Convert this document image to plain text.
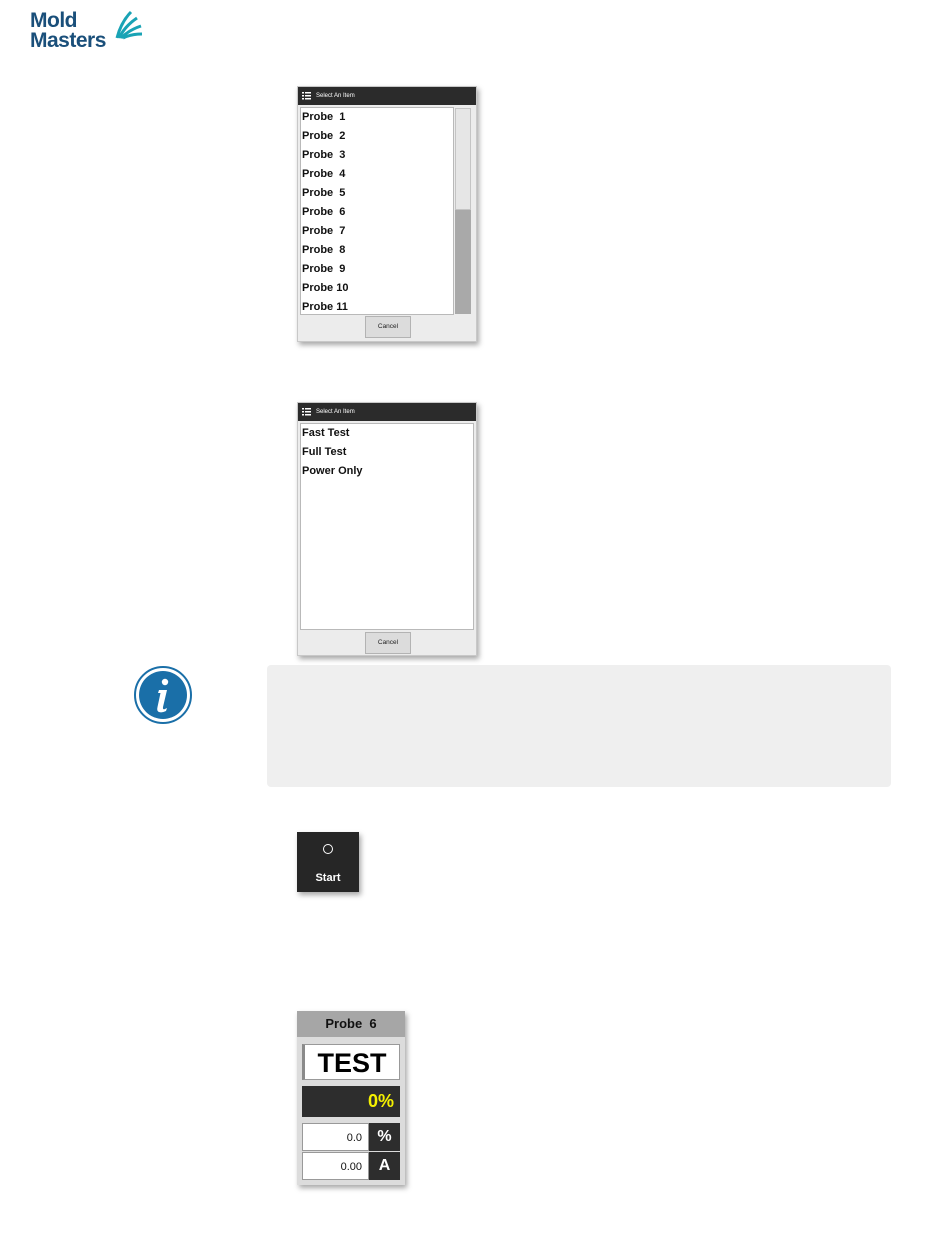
Mold
Masters
Select An Item
Probe  1
Probe  2
Probe  3
Probe  4
Probe  5
Probe  6
Probe  7
Probe  8
Probe  9
Probe 10
Probe 11
Cancel
Select An Item
Fast Test
Full Test
Power Only
Cancel
Start
Probe  6
TEST
0%
0.0 %
0.00	A
